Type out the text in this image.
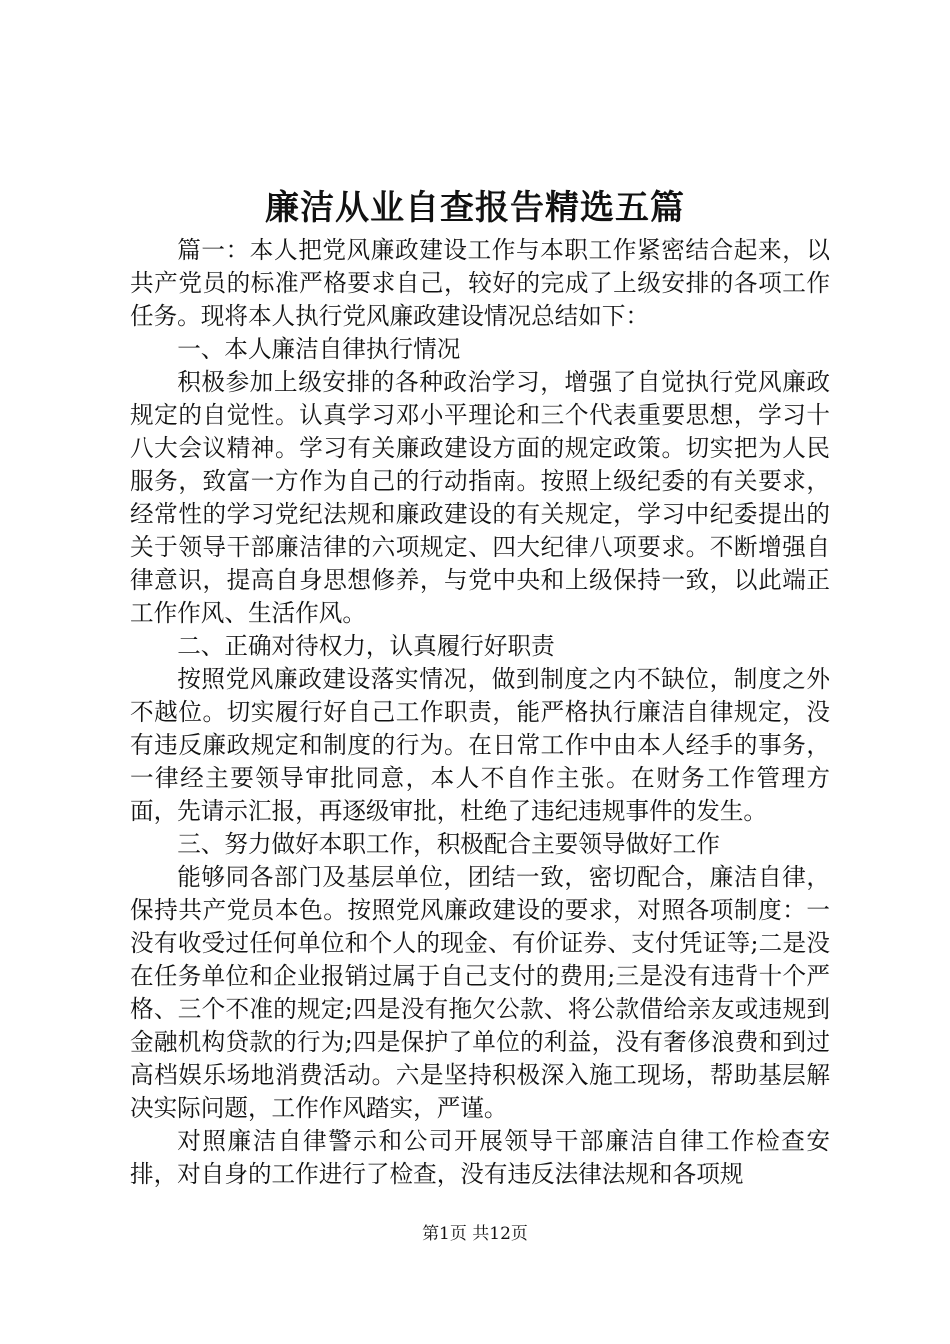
廉洁从业自查报告精选五篇

篇一：本人把党风廉政建设工作与本职工作紧密结合起来，以共产党员的标准严格要求自己，较好的完成了上级安排的各项工作任务。现将本人执行党风廉政建设情况总结如下：

一、本人廉洁自律执行情况

积极参加上级安排的各种政治学习，增强了自觉执行党风廉政规定的自觉性。认真学习邓小平理论和三个代表重要思想，学习十八大会议精神。学习有关廉政建设方面的规定政策。切实把为人民服务，致富一方作为自己的行动指南。按照上级纪委的有关要求，经常性的学习党纪法规和廉政建设的有关规定，学习中纪委提出的关于领导干部廉洁律的六项规定、四大纪律八项要求。不断增强自律意识，提高自身思想修养，与党中央和上级保持一致，以此端正工作作风、生活作风。

二、正确对待权力，认真履行好职责

按照党风廉政建设落实情况，做到制度之内不缺位，制度之外不越位。切实履行好自己工作职责，能严格执行廉洁自律规定，没有违反廉政规定和制度的行为。在日常工作中由本人经手的事务，一律经主要领导审批同意，本人不自作主张。在财务工作管理方面，先请示汇报，再逐级审批，杜绝了违纪违规事件的发生。

三、努力做好本职工作，积极配合主要领导做好工作

能够同各部门及基层单位，团结一致，密切配合，廉洁自律，保持共产党员本色。按照党风廉政建设的要求，对照各项制度：一没有收受过任何单位和个人的现金、有价证券、支付凭证等;二是没在任务单位和企业报销过属于自己支付的费用;三是没有违背十个严格、三个不准的规定;四是没有拖欠公款、将公款借给亲友或违规到金融机构贷款的行为;四是保护了单位的利益，没有奢侈浪费和到过高档娱乐场地消费活动。六是坚持积极深入施工现场，帮助基层解决实际问题，工作作风踏实，严谨。

对照廉洁自律警示和公司开展领导干部廉洁自律工作检查安排，对自身的工作进行了检查，没有违反法律法规和各项规

第1页 共12页
